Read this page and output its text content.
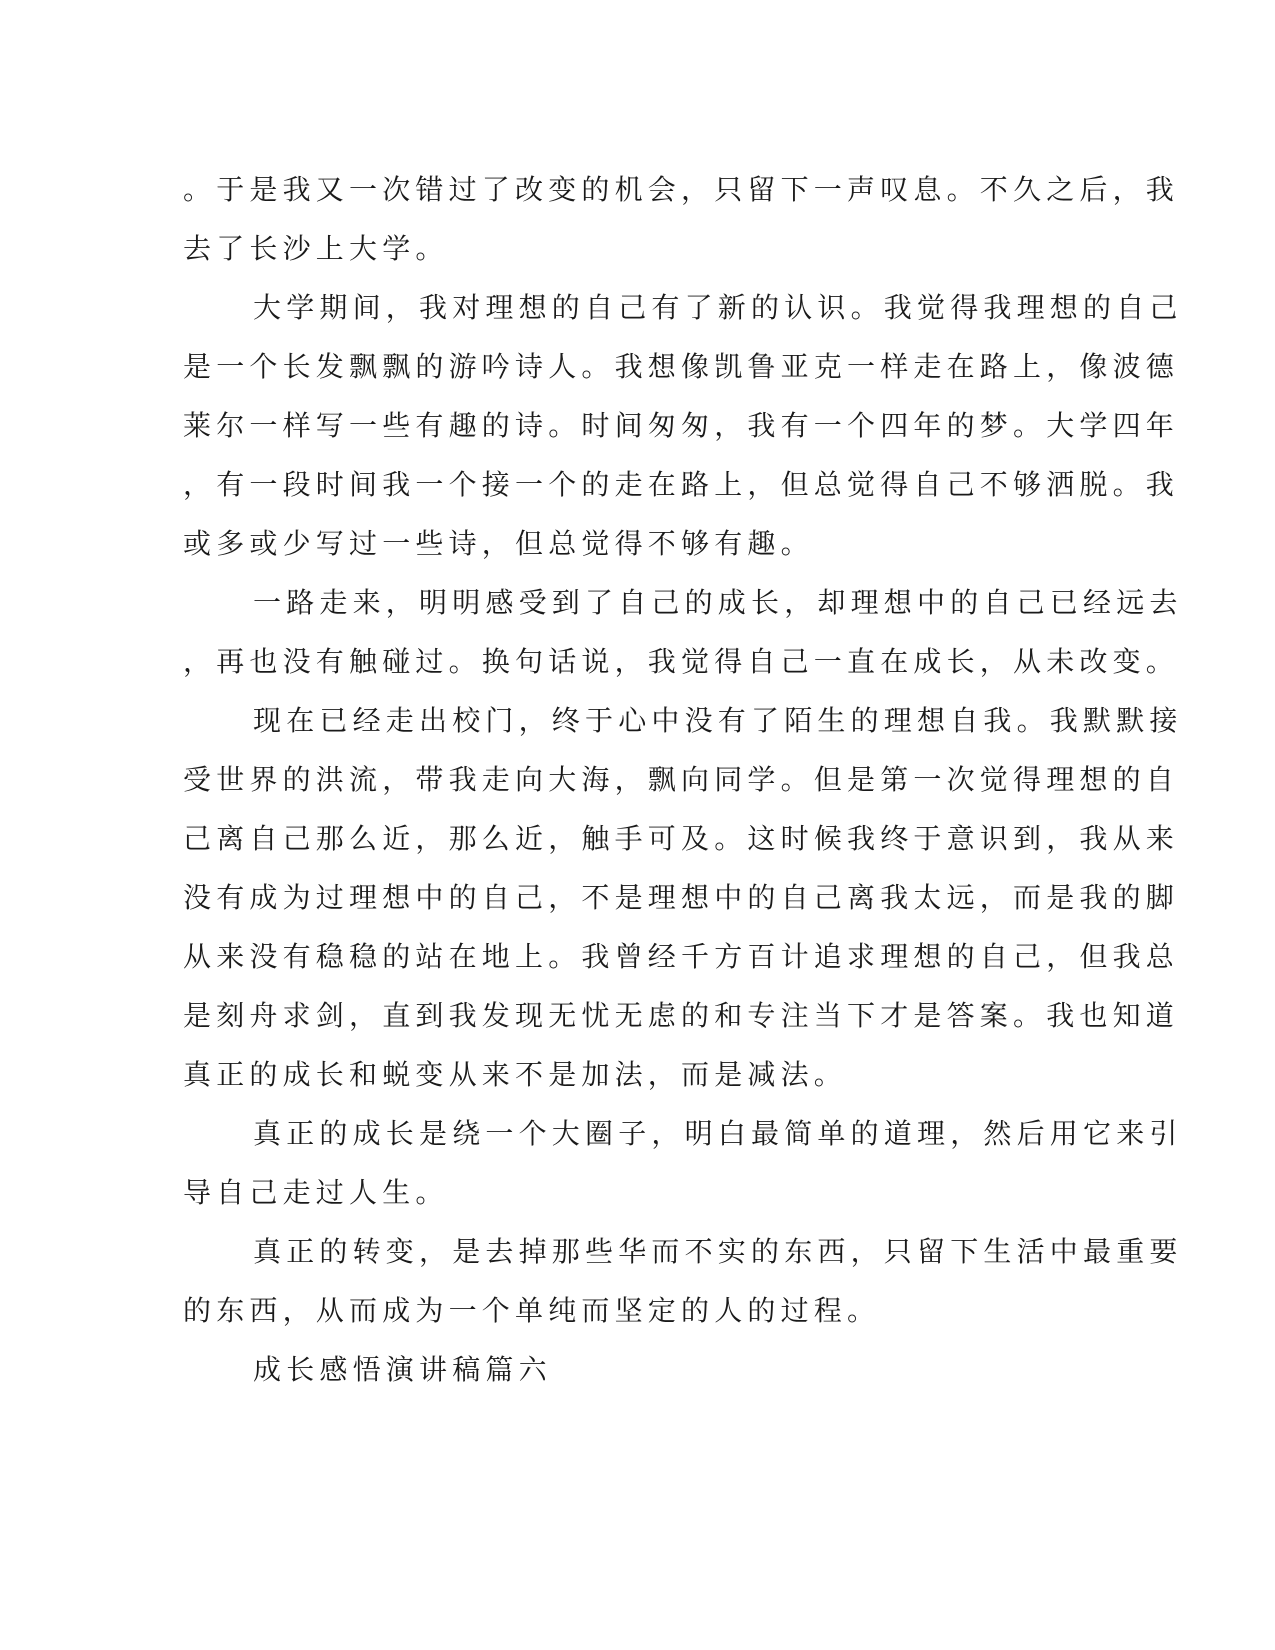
。于是我又一次错过了改变的机会，只留下一声叹息。不久之后，我
去了长沙上大学。
大学期间，我对理想的自己有了新的认识。我觉得我理想的自己
是一个长发飘飘的游吟诗人。我想像凯鲁亚克一样走在路上，像波德
莱尔一样写一些有趣的诗。时间匆匆，我有一个四年的梦。大学四年
，有一段时间我一个接一个的走在路上，但总觉得自己不够洒脱。我
或多或少写过一些诗，但总觉得不够有趣。
一路走来，明明感受到了自己的成长，却理想中的自己已经远去
，再也没有触碰过。换句话说，我觉得自己一直在成长，从未改变。
现在已经走出校门，终于心中没有了陌生的理想自我。我默默接
受世界的洪流，带我走向大海，飘向同学。但是第一次觉得理想的自
己离自己那么近，那么近，触手可及。这时候我终于意识到，我从来
没有成为过理想中的自己，不是理想中的自己离我太远，而是我的脚
从来没有稳稳的站在地上。我曾经千方百计追求理想的自己，但我总
是刻舟求剑，直到我发现无忧无虑的和专注当下才是答案。我也知道
真正的成长和蜕变从来不是加法，而是减法。
真正的成长是绕一个大圈子，明白最简单的道理，然后用它来引
导自己走过人生。
真正的转变，是去掉那些华而不实的东西，只留下生活中最重要
的东西，从而成为一个单纯而坚定的人的过程。
成长感悟演讲稿篇六
